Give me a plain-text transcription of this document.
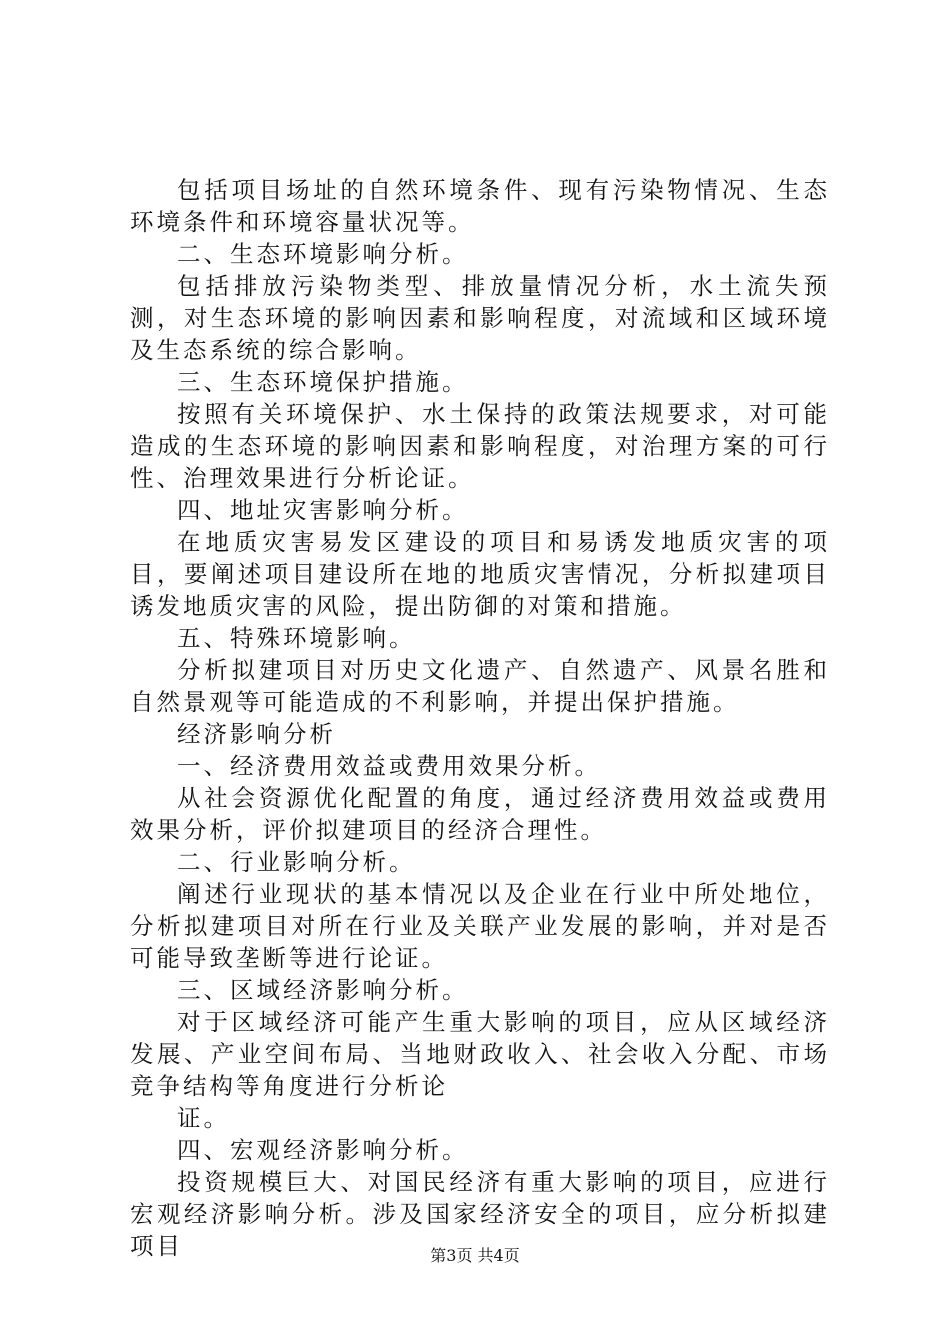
包括项目场址的自然环境条件、现有污染物情况、生态环境条件和环境容量状况等。

二、生态环境影响分析。

包括排放污染物类型、排放量情况分析，水土流失预测，对生态环境的影响因素和影响程度，对流域和区域环境及生态系统的综合影响。

三、生态环境保护措施。

按照有关环境保护、水土保持的政策法规要求，对可能造成的生态环境的影响因素和影响程度，对治理方案的可行性、治理效果进行分析论证。

四、地址灾害影响分析。

在地质灾害易发区建设的项目和易诱发地质灾害的项目，要阐述项目建设所在地的地质灾害情况，分析拟建项目诱发地质灾害的风险，提出防御的对策和措施。

五、特殊环境影响。

分析拟建项目对历史文化遗产、自然遗产、风景名胜和自然景观等可能造成的不利影响，并提出保护措施。

经济影响分析

一、经济费用效益或费用效果分析。

从社会资源优化配置的角度，通过经济费用效益或费用效果分析，评价拟建项目的经济合理性。

二、行业影响分析。

阐述行业现状的基本情况以及企业在行业中所处地位，分析拟建项目对所在行业及关联产业发展的影响，并对是否可能导致垄断等进行论证。

三、区域经济影响分析。

对于区域经济可能产生重大影响的项目，应从区域经济发展、产业空间布局、当地财政收入、社会收入分配、市场竞争结构等角度进行分析论

证。

四、宏观经济影响分析。

投资规模巨大、对国民经济有重大影响的项目，应进行宏观经济影响分析。涉及国家经济安全的项目，应分析拟建项目	第3页 共4页
